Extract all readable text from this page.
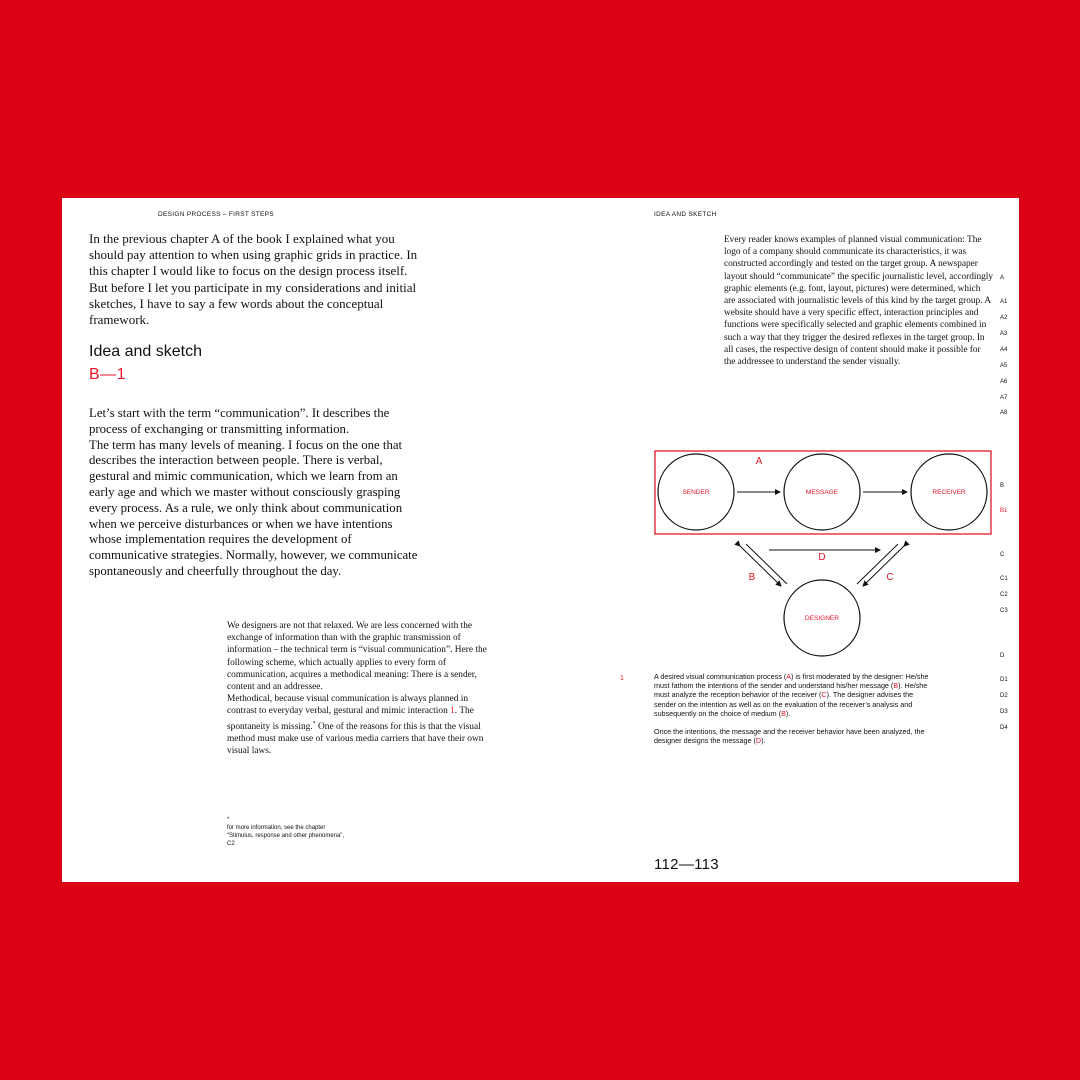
DESIGN PROCESS – FIRST STEPS	IDEA AND SKETCH

In the previous chapter A of the book I explained what you should pay attention to when using graphic grids in practice. In this chapter I would like to focus on the design process itself. But before I let you participate in my considerations and initial sketches, I have to say a few words about the conceptual framework.

Idea and sketch
B—1

Let’s start with the term “communication”. It describes the process of exchanging or transmitting information.

The term has many levels of meaning. I focus on the one that describes the interaction between people. There is verbal, gestural and mimic communication, which we learn from an early age and which we master without consciously grasping every process. As a rule, we only think about communication when we perceive disturbances or when we have intentions whose implementation requires the development of communicative strategies. Normally, however, we communicate spontaneously and cheerfully throughout the day.

We designers are not that relaxed. We are less concerned with the exchange of information than with the graphic transmission of information – the technical term is “visual communication”. Here the following scheme, which actually applies to every form of communication, acquires a methodical meaning: There is a sender, content and an addressee.

Methodical, because visual communication is always planned in contrast to everyday verbal, gestural and mimic interaction 1. The spontaneity is missing.* One of the reasons for this is that the visual method must make use of various media carriers that have their own visual laws.

*
for more information, see the chapter
“Stimulus, response and other phenomena”,
C2

Every reader knows examples of planned visual communication: The logo of a company should communicate its characteristics, it was constructed accordingly and tested on the target group. A newspaper layout should “communicate” the specific journalistic level, accordingly graphic elements (e.g. font, layout, pictures) were determined, which are associated with journalistic levels of this kind by the target group. A website should have a very specific effect, interaction principles and functions were specifically selected and graphic elements combined in such a way that they trigger the desired reflexes in the target group. In all cases, the respective design of content should make it possible for the addressee to understand the sender visually.

A
A1
A2
A3
A4
A5
A6
A7
A8
B
B1
C
C1
C2
C3
D
D1
D2
D3
D4
A
SENDER	MESSAGE	RECEIVER
DESIGNER
D
B	C
1	A desired visual communication process (A) is first moderated by the designer: He/she must fathom the intentions of the sender and understand his/her message (B). He/she must analyze the reception behavior of the receiver (C). The designer advises the sender on the intention as well as on the evaluation of the receiver’s analysis and subsequently on the choice of medium (B).

Once the intentions, the message and the receiver behavior have been analyzed, the designer designs the message (D).

112—113
